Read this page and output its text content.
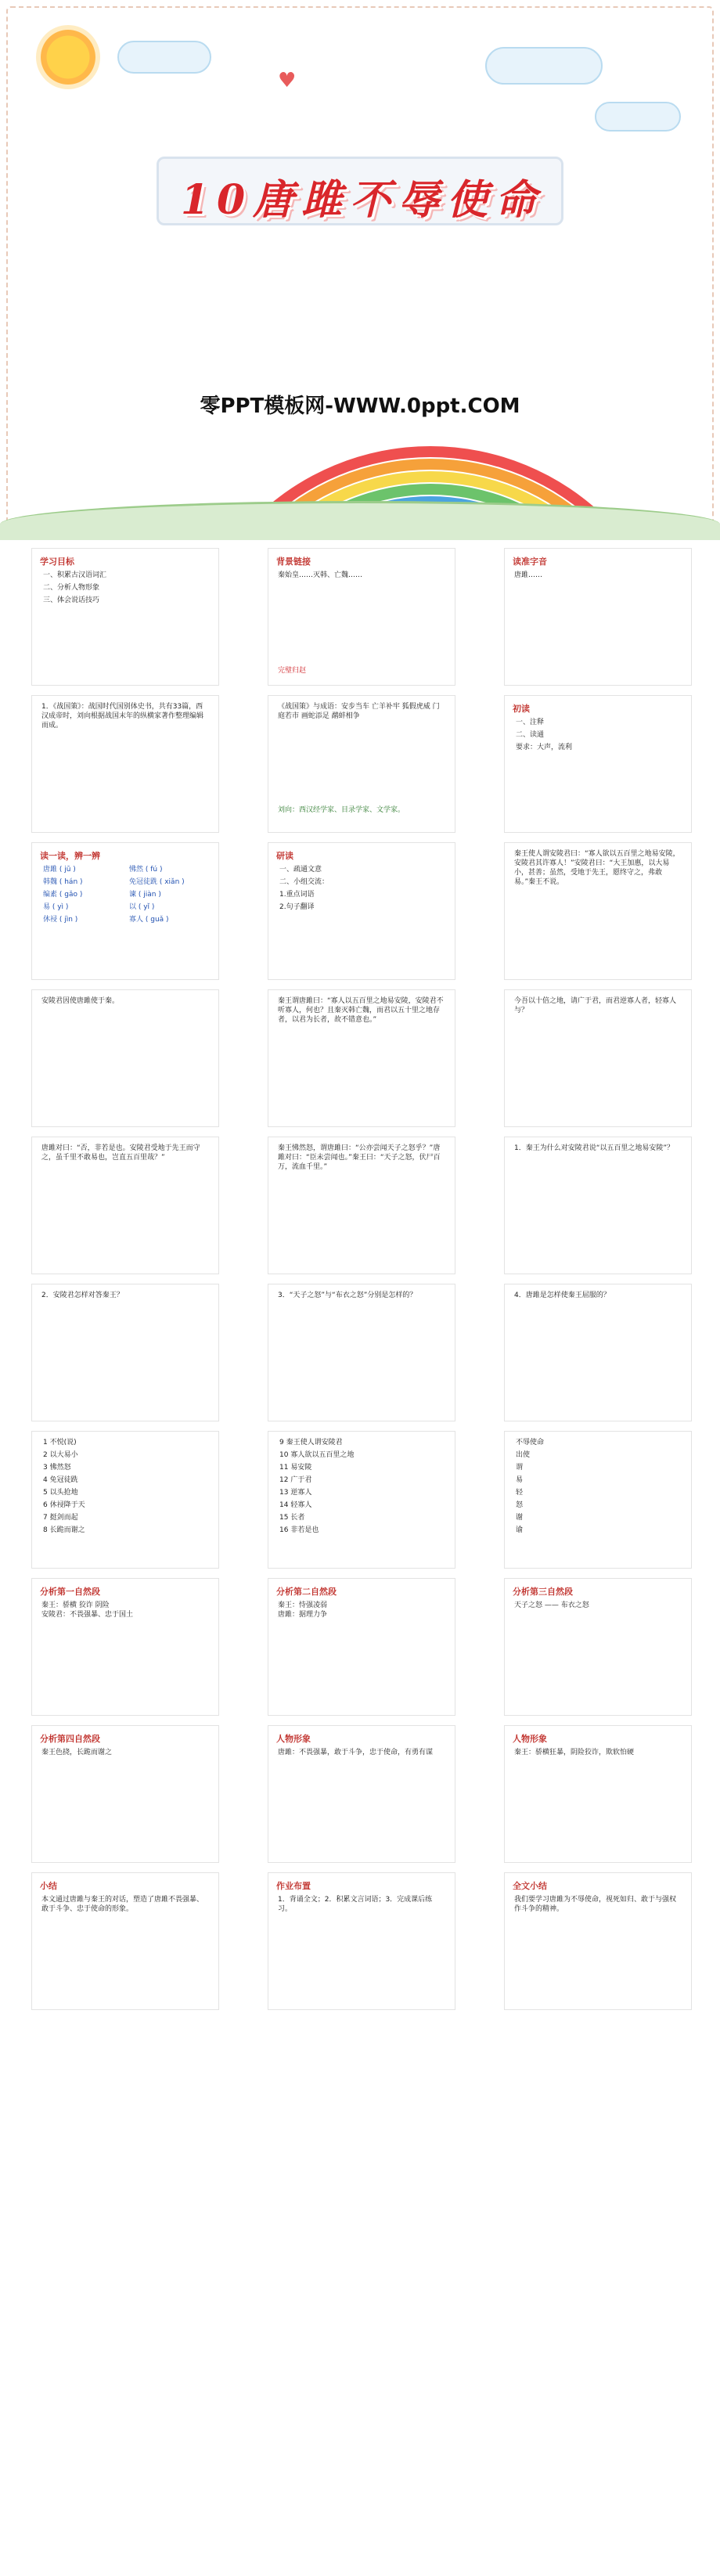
♥
10唐雎不辱使命
零PPT模板网-WWW.0ppt.COM
学习目标
一、积累古汉语词汇
二、分析人物形象
三、体会说话技巧
背景链接
秦始皇……灭韩、亡魏……
完璧归赵
读准字音
唐雎……
1．《战国策》：战国时代国别体史书，共有33篇，西汉成帝时，刘向根据战国末年的纵横家著作整理编辑而成。
《战国策》与成语：安步当车 亡羊补牢 狐假虎威 门庭若市 画蛇添足 鹬蚌相争
刘向：西汉经学家、目录学家、文学家。
初读
一、注释
二、读通
要求：大声，流利
读一读，辨一辨
唐雎 ( jū )	怫然 ( fú )
韩魏 ( hán )	免冠徒跣 ( xiǎn )
编素 ( gǎo )	谏 ( jiàn )
易 ( yì )	以 ( yǐ )
休祲 ( jìn )	寡人 ( guǎ )
研读
一、疏通文意
二、小组交流：
1.重点词语
2.句子翻译
秦王使人谓安陵君曰：“寡人欲以五百里之地易安陵，安陵君其许寡人！”安陵君曰：“大王加惠，以大易小，甚善；虽然，受地于先王，愿终守之，弗敢易。”秦王不说。
安陵君因使唐雎使于秦。	秦王谓唐雎曰：“寡人以五百里之地易安陵，安陵君不听寡人，何也？且秦灭韩亡魏，而君以五十里之地存者，以君为长者，故不错意也。”
今吾以十倍之地，请广于君，而君逆寡人者，轻寡人与？
唐雎对曰：“否，非若是也。安陵君受地于先王而守之，虽千里不敢易也，岂直五百里哉？”
秦王怫然怒，谓唐雎曰：“公亦尝闻天子之怒乎？”唐雎对曰：“臣未尝闻也。”秦王曰：“天子之怒，伏尸百万，流血千里。”
1．秦王为什么对安陵君说“以五百里之地易安陵”？
2．安陵君怎样对答秦王？	3．“天子之怒”与“布衣之怒”分别是怎样的？	4．唐雎是怎样使秦王屈服的？
1 不悦(说)
2 以大易小
3 怫然怒
4 免冠徒跣
5 以头抢地
6 休祲降于天
7 挺剑而起
8 长跪而谢之
9 秦王使人谓安陵君
10 寡人欲以五百里之地
11 易安陵
12 广于君
13 逆寡人
14 轻寡人
15 长者
16 非若是也
不辱使命
出使
谓
易
轻
怒
谢
谕
分析第一自然段
秦王：骄横 狡诈 阴险
安陵君：不畏强暴、忠于国土
分析第二自然段
秦王：恃强凌弱
唐雎：据理力争
分析第三自然段
天子之怒 —— 布衣之怒
分析第四自然段
秦王色挠，长跪而谢之
人物形象
唐雎：不畏强暴，敢于斗争，忠于使命，有勇有谋
人物形象
秦王：骄横狂暴，阴险狡诈，欺软怕硬
小结
本文通过唐雎与秦王的对话，塑造了唐雎不畏强暴、敢于斗争、忠于使命的形象。
作业布置
1．背诵全文；2．积累文言词语；3．完成课后练习。
全文小结
我们要学习唐雎为不辱使命，视死如归、敢于与强权作斗争的精神。
